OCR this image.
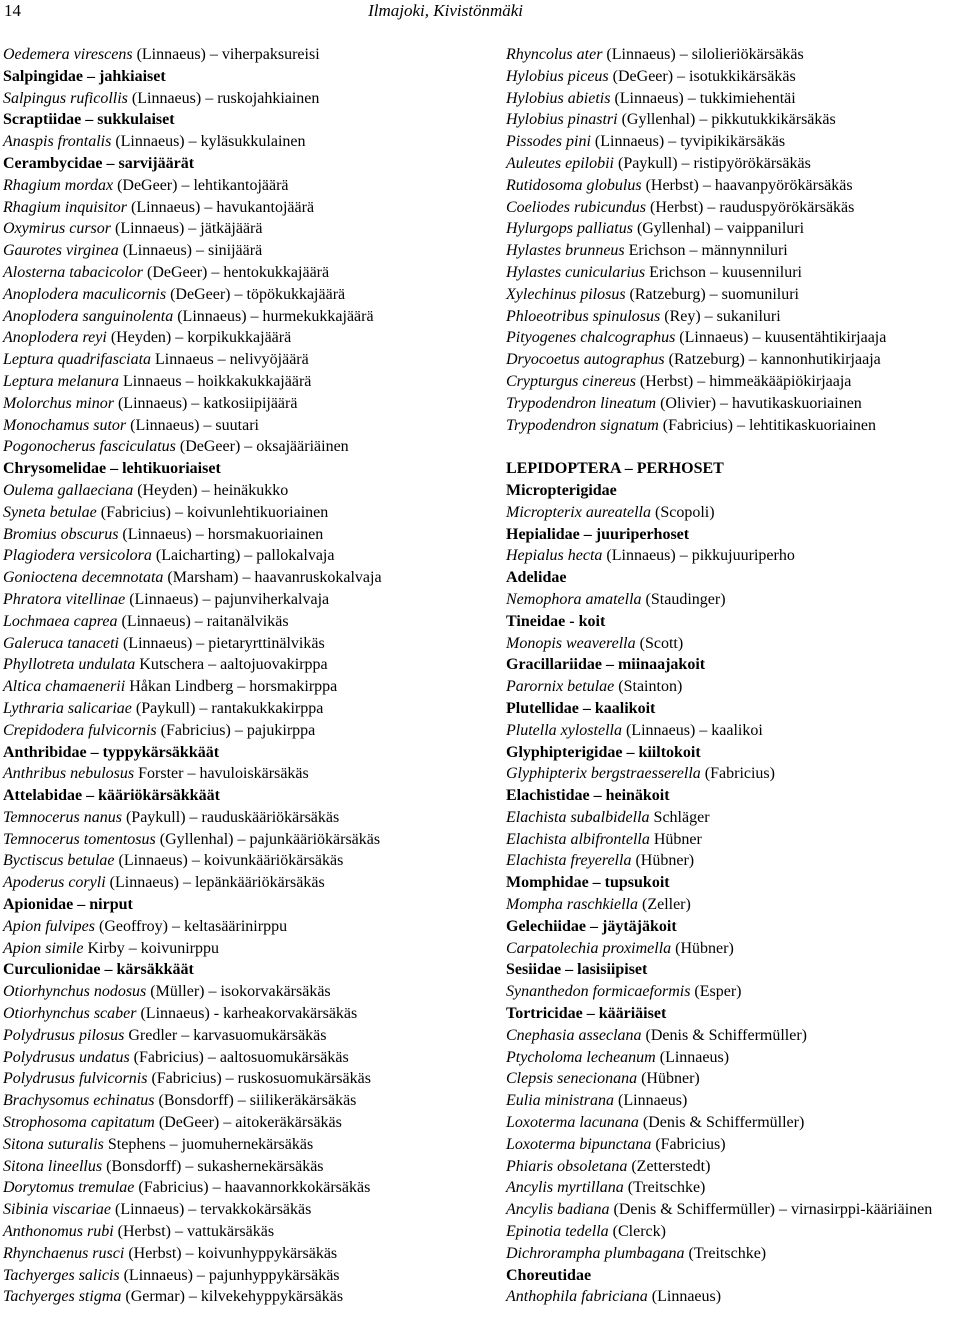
14	Ilmajoki, Kivistönmäki
Oedemera virescens (Linnaeus) – viherpaksureisi
Salpingidae – jahkiaiset
Salpingus ruficollis (Linnaeus) – ruskojahkiainen
Scraptiidae – sukkulaiset
Anaspis frontalis (Linnaeus) – kyläsukkulainen
Cerambycidae – sarvijäärät
Rhagium mordax (DeGeer) – lehtikantojäärä
Rhagium inquisitor (Linnaeus) – havukantojäärä
Oxymirus cursor (Linnaeus) – jätkäjäärä
Gaurotes virginea (Linnaeus) – sinijäärä
Alosterna tabacicolor (DeGeer) – hentokukkajäärä
Anoplodera maculicornis (DeGeer) – töpökukkajäärä
Anoplodera sanguinolenta (Linnaeus) – hurmekukkajäärä
Anoplodera reyi (Heyden) – korpikukkajäärä
Leptura quadrifasciata Linnaeus – nelivyöjäärä
Leptura melanura Linnaeus – hoikkakukkajäärä
Molorchus minor (Linnaeus) – katkosiipijäärä
Monochamus sutor (Linnaeus) – suutari
Pogonocherus fasciculatus (DeGeer) – oksajääriäinen
Chrysomelidae – lehtikuoriaiset
Oulema gallaeciana (Heyden) – heinäkukko
Syneta betulae (Fabricius) – koivunlehtikuoriainen
Bromius obscurus (Linnaeus) – horsmakuoriainen
Plagiodera versicolora (Laicharting) – pallokalvaja
Gonioctena decemnotata (Marsham) – haavanruskokalvaja
Phratora vitellinae (Linnaeus) – pajunviherkalvaja
Lochmaea caprea (Linnaeus) – raitanälvikäs
Galeruca tanaceti (Linnaeus) – pietaryrttinälvikäs
Phyllotreta undulata Kutschera – aaltojuovakirppa
Altica chamaenerii Håkan Lindberg – horsmakirppa
Lythraria salicariae (Paykull) – rantakukkakirppa
Crepidodera fulvicornis (Fabricius) – pajukirppa
Anthribidae – typpykärsäkkäät
Anthribus nebulosus Forster – havuloiskärsäkäs
Attelabidae – kääriökärsäkkäät
Temnocerus nanus (Paykull) – rauduskääriökärsäkäs
Temnocerus tomentosus (Gyllenhal) – pajunkääriökärsäkäs
Byctiscus betulae (Linnaeus) – koivunkääriökärsäkäs
Apoderus coryli (Linnaeus) – lepänkääriökärsäkäs
Apionidae – nirput
Apion fulvipes (Geoffroy) – keltasäärinirppu
Apion simile Kirby – koivunirppu
Curculionidae – kärsäkkäät
Otiorhynchus nodosus (Müller) – isokorvakärsäkäs
Otiorhynchus scaber (Linnaeus) - karheakorvakärsäkäs
Polydrusus pilosus Gredler – karvasuomukärsäkäs
Polydrusus undatus (Fabricius) – aaltosuomukärsäkäs
Polydrusus fulvicornis (Fabricius) – ruskosuomukärsäkäs
Brachysomus echinatus (Bonsdorff) – siilikeräkärsäkäs
Strophosoma capitatum (DeGeer) – aitokeräkärsäkäs
Sitona suturalis Stephens – juomuhernekärsäkäs
Sitona lineellus (Bonsdorff) – sukashernekärsäkäs
Dorytomus tremulae (Fabricius) – haavannorkkokärsäkäs
Sibinia viscariae (Linnaeus) – tervakkokärsäkäs
Anthonomus rubi (Herbst) – vattukärsäkäs
Rhynchaenus rusci (Herbst) – koivunhyppykärsäkäs
Tachyerges salicis (Linnaeus) – pajunhyppykärsäkäs
Tachyerges stigma (Germar) – kilvekehyppykärsäkäs
Rhyncolus ater (Linnaeus) – silolieriökärsäkäs
Hylobius piceus (DeGeer) – isotukkikärsäkäs
Hylobius abietis (Linnaeus) – tukkimiehentäi
Hylobius pinastri (Gyllenhal) – pikkutukkikärsäkäs
Pissodes pini (Linnaeus) – tyvipikikärsäkäs
Auleutes epilobii (Paykull) – ristipyörökärsäkäs
Rutidosoma globulus (Herbst) – haavanpyörökärsäkäs
Coeliodes rubicundus (Herbst) – rauduspyörökärsäkäs
Hylurgops palliatus (Gyllenhal) – vaippaniluri
Hylastes brunneus Erichson – männynniluri
Hylastes cunicularius Erichson – kuusenniluri
Xylechinus pilosus (Ratzeburg) – suomuniluri
Phloeotribus spinulosus (Rey) – sukaniluri
Pityogenes chalcographus (Linnaeus) – kuusentähtikirjaaja
Dryocoetus autographus (Ratzeburg) – kannonhutikirjaaja
Crypturgus cinereus (Herbst) – himmeäkääpiökirjaaja
Trypodendron lineatum (Olivier) – havutikaskuoriainen
Trypodendron signatum (Fabricius) – lehtitikaskuoriainen
LEPIDOPTERA – PERHOSET
Micropterigidae
Micropterix aureatella (Scopoli)
Hepialidae – juuriperhoset
Hepialus hecta (Linnaeus) – pikkujuuriperho
Adelidae
Nemophora amatella (Staudinger)
Tineidae - koit
Monopis weaverella (Scott)
Gracillariidae – miinaajakoit
Parornix betulae (Stainton)
Plutellidae – kaalikoit
Plutella xylostella (Linnaeus) – kaalikoi
Glyphipterigidae – kiiltokoit
Glyphipterix bergstraesserella (Fabricius)
Elachistidae – heinäkoit
Elachista subalbidella Schläger
Elachista albifrontella Hübner
Elachista freyerella (Hübner)
Momphidae – tupsukoit
Mompha raschkiella (Zeller)
Gelechiidae – jäytäjäkoit
Carpatolechia proximella (Hübner)
Sesiidae – lasisiipiset
Synanthedon formicaeformis (Esper)
Tortricidae – kääriäiset
Cnephasia asseclana (Denis & Schiffermüller)
Ptycholoma lecheanum (Linnaeus)
Clepsis senecionana (Hübner)
Eulia ministrana (Linnaeus)
Loxoterma lacunana (Denis & Schiffermüller)
Loxoterma bipunctana (Fabricius)
Phiaris obsoletana (Zetterstedt)
Ancylis myrtillana (Treitschke)
Ancylis badiana (Denis & Schiffermüller) – virnasirppi-kääriäinen
Epinotia tedella (Clerck)
Dichrorampha plumbagana (Treitschke)
Choreutidae
Anthophila fabriciana (Linnaeus)
